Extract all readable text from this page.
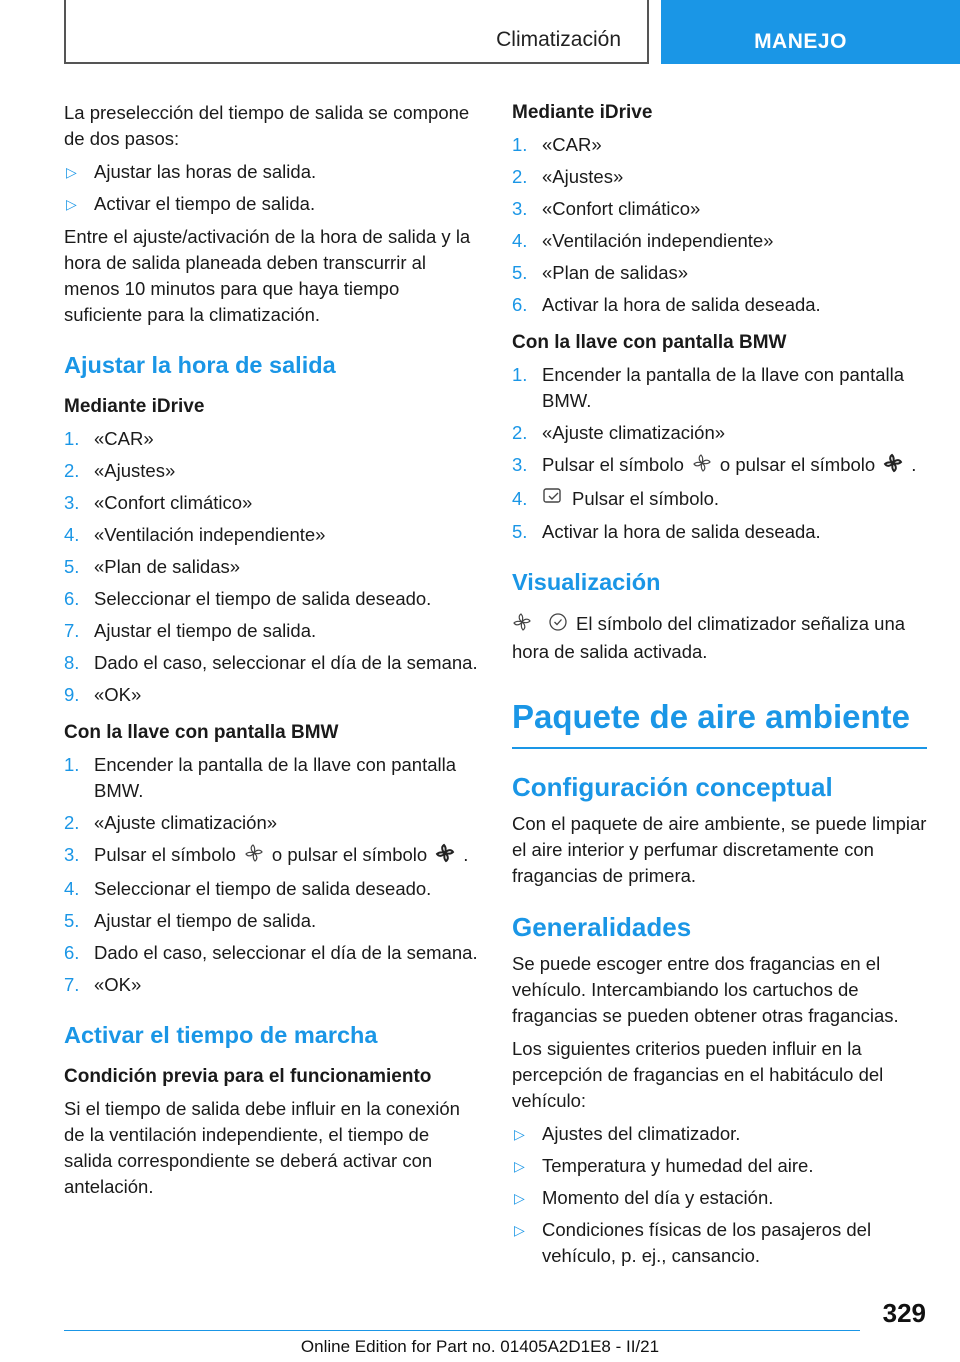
Climatización	MANEJO

La preselección del tiempo de salida se compone de dos pasos:

▷ Ajustar las horas de salida.
▷ Activar el tiempo de salida.

Entre el ajuste/activación de la hora de salida y la hora de salida planeada deben transcurrir al menos 10 minutos para que haya tiempo suficiente para la climatización.

Ajustar la hora de salida
Mediante iDrive
1. «CAR»
2. «Ajustes»
3. «Confort climático»
4. «Ventilación independiente»
5. «Plan de salidas»
6. Seleccionar el tiempo de salida deseado.
7. Ajustar el tiempo de salida.
8. Dado el caso, seleccionar el día de la semana.
9. «OK»
Con la llave con pantalla BMW
1. Encender la pantalla de la llave con pantalla BMW.
2. «Ajuste climatización»
3. Pulsar el símbolo o pulsar el símbolo .
4. Seleccionar el tiempo de salida deseado.
5. Ajustar el tiempo de salida.
6. Dado el caso, seleccionar el día de la semana.
7. «OK»
Activar el tiempo de marcha
Condición previa para el funcionamiento

Si el tiempo de salida debe influir en la conexión de la ventilación independiente, el tiempo de salida correspondiente se deberá activar con antelación.

Mediante iDrive
1. «CAR»
2. «Ajustes»
3. «Confort climático»
4. «Ventilación independiente»
5. «Plan de salidas»
6. Activar la hora de salida deseada.
Con la llave con pantalla BMW
1. Encender la pantalla de la llave con pantalla BMW.
2. «Ajuste climatización»
3. Pulsar el símbolo o pulsar el símbolo .
4. Pulsar el símbolo.
5. Activar la hora de salida deseada.
Visualización

El símbolo del climatizador señaliza una hora de salida activada.

Paquete de aire ambiente
Configuración conceptual

Con el paquete de aire ambiente, se puede limpiar el aire interior y perfumar discretamente con fragancias de primera.

Generalidades

Se puede escoger entre dos fragancias en el vehículo. Intercambiando los cartuchos de fragancias se pueden obtener otras fragancias.

Los siguientes criterios pueden influir en la percepción de fragancias en el habitáculo del vehículo:

▷ Ajustes del climatizador.
▷ Temperatura y humedad del aire.
▷ Momento del día y estación.
▷ Condiciones físicas de los pasajeros del vehículo, p. ej., cansancio.
329
Online Edition for Part no. 01405A2D1E8 - II/21
